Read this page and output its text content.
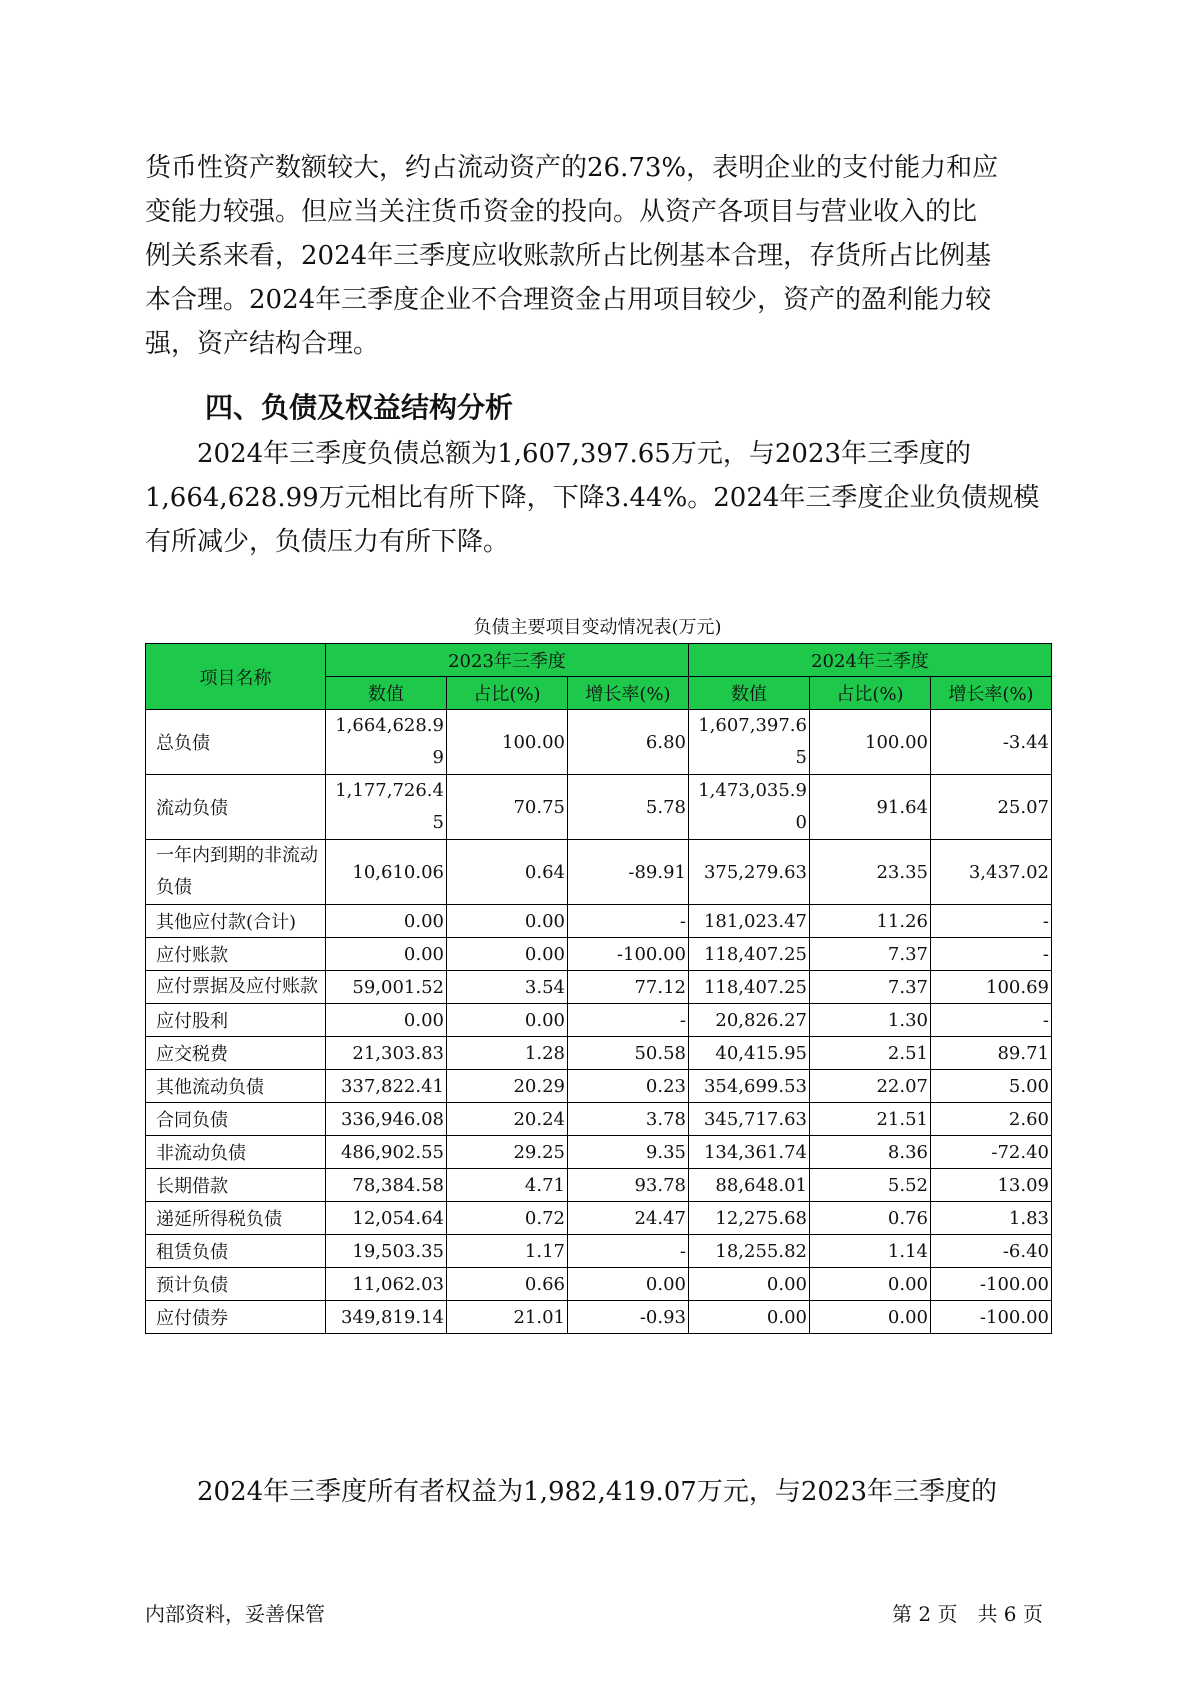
货币性资产数额较大，约占流动资产的26.73%，表明企业的支付能力和应
变能力较强。但应当关注货币资金的投向。从资产各项目与营业收入的比
例关系来看，2024年三季度应收账款所占比例基本合理，存货所占比例基
本合理。2024年三季度企业不合理资金占用项目较少，资产的盈利能力较
强，资产结构合理。
四、负债及权益结构分析
　　2024年三季度负债总额为1,607,397.65万元，与2023年三季度的
1,664,628.99万元相比有所下降，下降3.44%。2024年三季度企业负债规模
有所减少，负债压力有所下降。
负债主要项目变动情况表(万元)
项目名称	2023年三季度			2024年三季度		
	数值	占比(%)	增长率(%)	数值	占比(%)	增长率(%)
总负债	1,664,628.99	100.00	6.80	1,607,397.65	100.00	-3.44
流动负债	1,177,726.45	70.75	5.78	1,473,035.90	91.64	25.07
一年内到期的非流动负债	10,610.06	0.64	-89.91	375,279.63	23.35	3,437.02
其他应付款(合计)	0.00	0.00	-	181,023.47	11.26	-
应付账款	0.00	0.00	-100.00	118,407.25	7.37	-
应付票据及应付账款	59,001.52	3.54	77.12	118,407.25	7.37	100.69
应付股利	0.00	0.00	-	20,826.27	1.30	-
应交税费	21,303.83	1.28	50.58	40,415.95	2.51	89.71
其他流动负债	337,822.41	20.29	0.23	354,699.53	22.07	5.00
合同负债	336,946.08	20.24	3.78	345,717.63	21.51	2.60
非流动负债	486,902.55	29.25	9.35	134,361.74	8.36	-72.40
长期借款	78,384.58	4.71	93.78	88,648.01	5.52	13.09
递延所得税负债	12,054.64	0.72	24.47	12,275.68	0.76	1.83
租赁负债	19,503.35	1.17	-	18,255.82	1.14	-6.40
预计负债	11,062.03	0.66	0.00	0.00	0.00	-100.00
应付债券	349,819.14	21.01	-0.93	0.00	0.00	-100.00
　　2024年三季度所有者权益为1,982,419.07万元，与2023年三季度的
内部资料，妥善保管	第 2 页　共 6 页
